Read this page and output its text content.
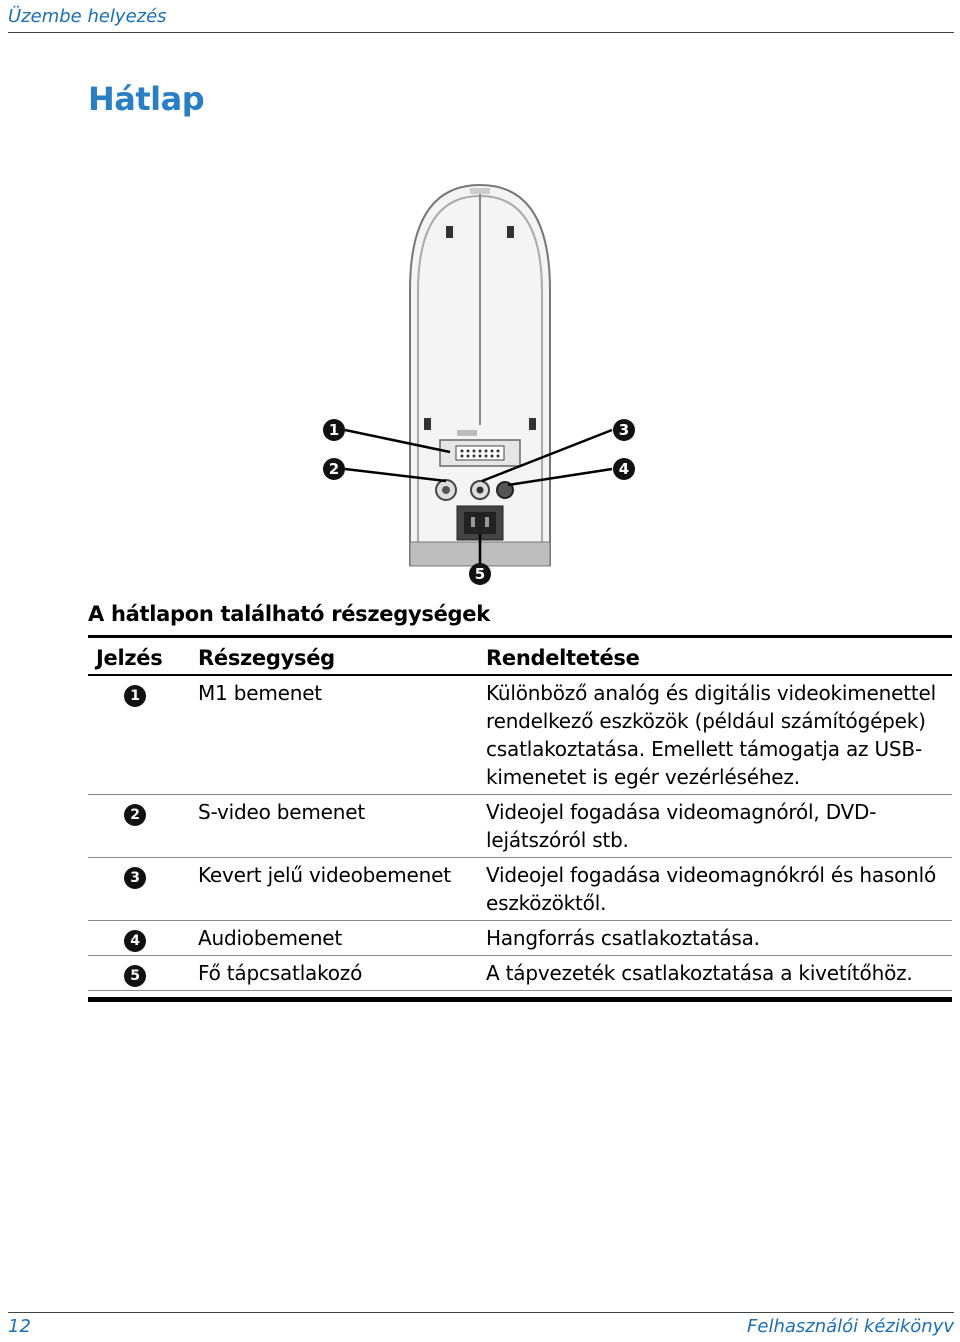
Üzembe helyezés
Hátlap
1
2
3
4
5
A hátlapon található részegységek
Jelzés	Részegység	Rendeltetése
1	M1 bemenet	Különböző analóg és digitális videokimenettel rendelkező eszközök (például számítógépek) csatlakoztatása. Emellett támogatja az USB-kimenetet is egér vezérléséhez.
2	S-video bemenet	Videojel fogadása videomagnóról, DVD-lejátszóról stb.
3	Kevert jelű videobemenet	Videojel fogadása videomagnókról és hasonló eszközöktől.
4	Audiobemenet	Hangforrás csatlakoztatása.
5	Fő tápcsatlakozó	A tápvezeték csatlakoztatása a kivetítőhöz.
12	Felhasználói kézikönyv
